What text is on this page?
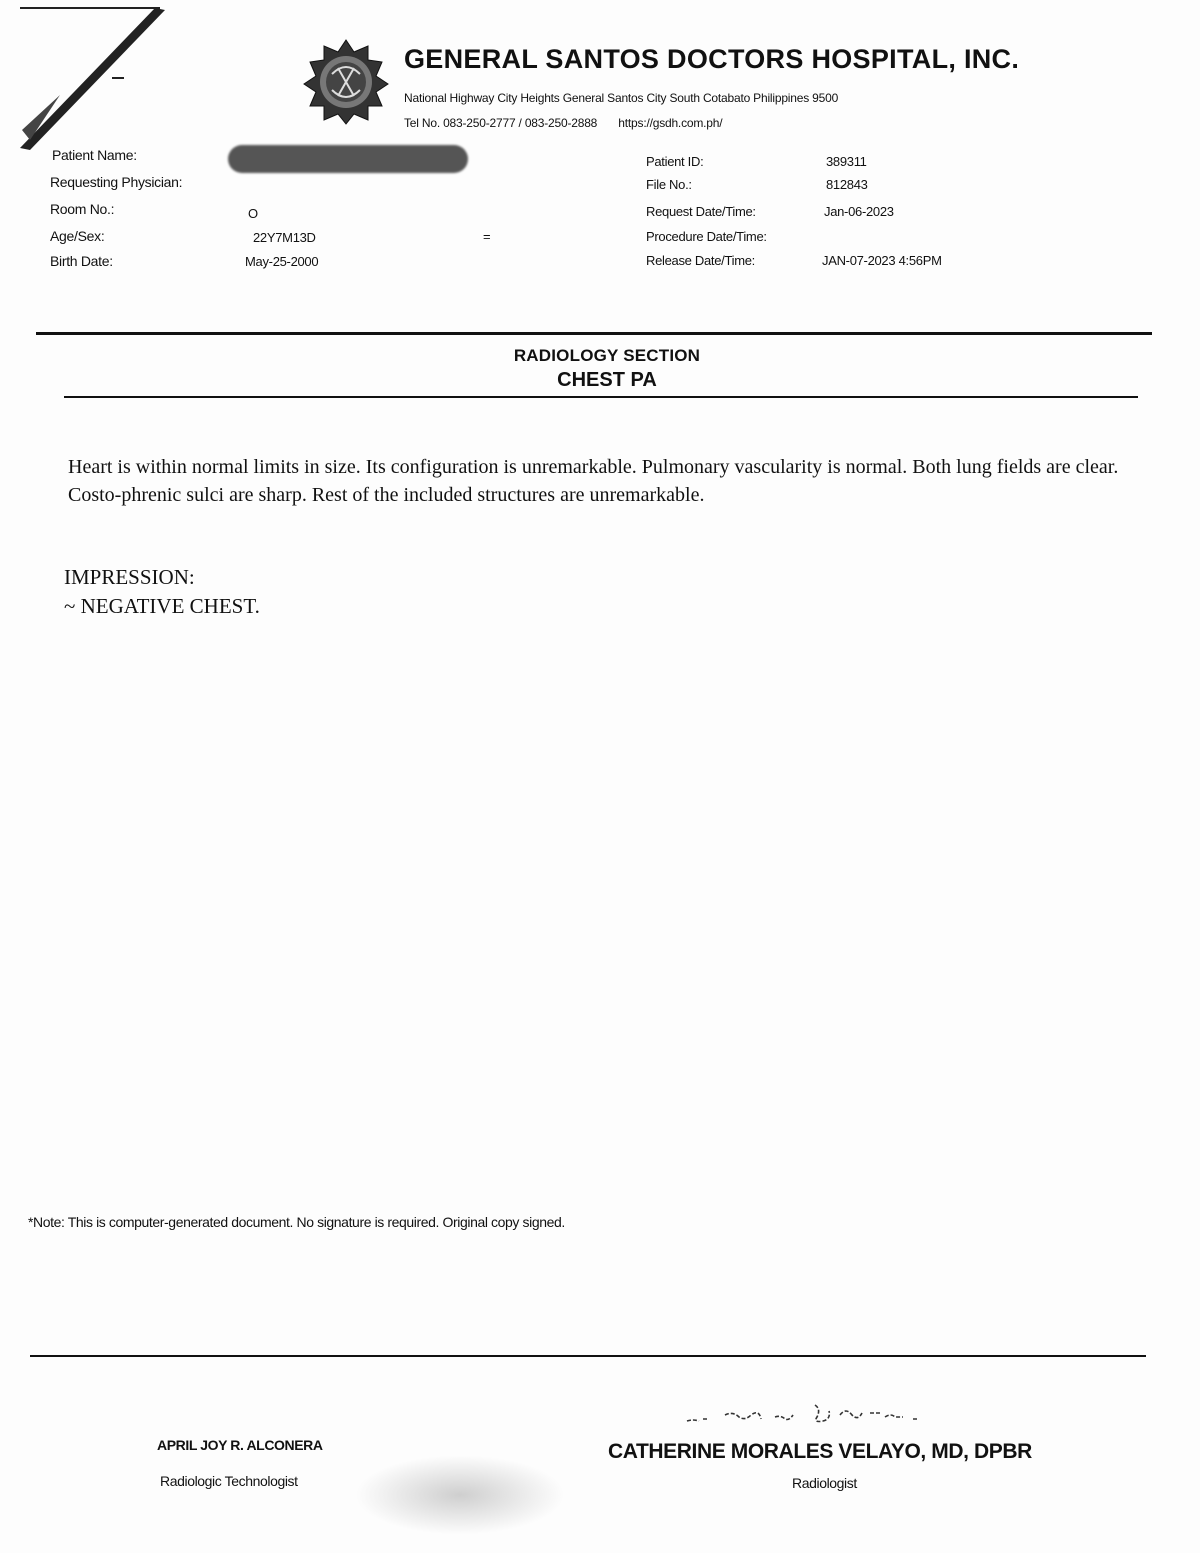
GENERAL SANTOS DOCTORS HOSPITAL, INC.
National Highway City Heights General Santos City South Cotabato Philippines 9500
Tel No. 083-250-2777 / 083-250-2888 https://gsdh.com.ph/
Patient Name:
Requesting Physician:
Room No.:	O
Age/Sex:	22Y7M13D	=
Birth Date:	May-25-2000
Patient ID:	389311
File No.:	812843
Request Date/Time:	Jan-06-2023
Procedure Date/Time:
Release Date/Time:	JAN-07-2023 4:56PM
RADIOLOGY SECTION
CHEST PA
Heart is within normal limits in size. Its configuration is unremarkable. Pulmonary vascularity is normal. Both lung fields are clear. Costo-phrenic sulci are sharp. Rest of the included structures are unremarkable.
IMPRESSION:
~ NEGATIVE CHEST.
*Note: This is computer-generated document. No signature is required. Original copy signed.
APRIL JOY R. ALCONERA
Radiologic Technologist
CATHERINE MORALES VELAYO, MD, DPBR
Radiologist
